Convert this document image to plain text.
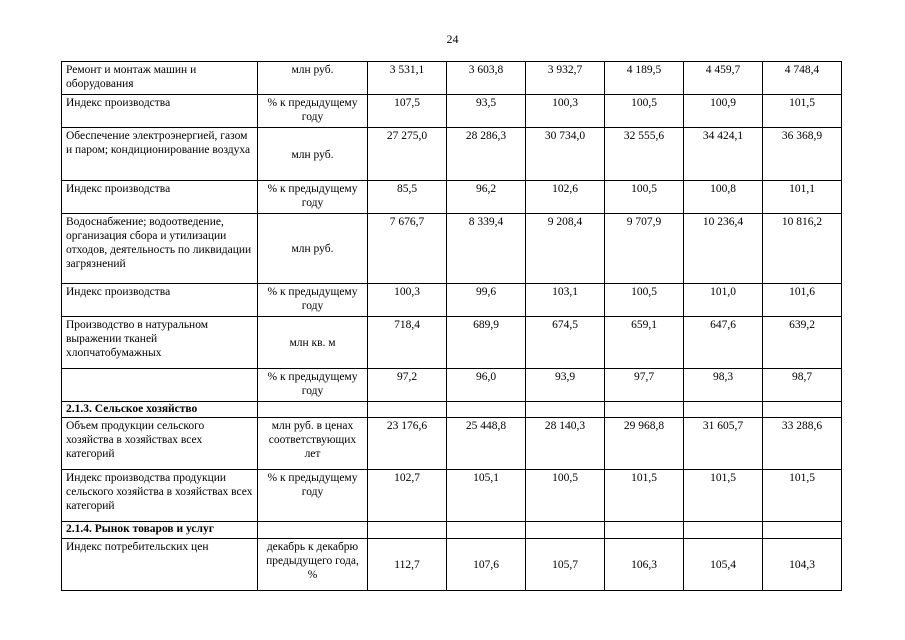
24
Ремонт и монтаж машин и оборудования	млн руб.	3 531,1	3 603,8	3 932,7	4 189,5	4 459,7	4 748,4
Индекс производства	% к предыдущему году	107,5	93,5	100,3	100,5	100,9	101,5
Обеспечение электроэнергией, газом и паром; кондиционирование воздуха	млн руб.	27 275,0	28 286,3	30 734,0	32 555,6	34 424,1	36 368,9
Индекс производства	% к предыдущему году	85,5	96,2	102,6	100,5	100,8	101,1
Водоснабжение; водоотведение, организация сбора и утилизации отходов, деятельность по ликвидации загрязнений	млн руб.	7 676,7	8 339,4	9 208,4	9 707,9	10 236,4	10 816,2
Индекс производства	% к предыдущему году	100,3	99,6	103,1	100,5	101,0	101,6
Производство в натуральном выражении тканей хлопчатобумажных	млн кв. м	718,4	689,9	674,5	659,1	647,6	639,2
	% к предыдущему году	97,2	96,0	93,9	97,7	98,3	98,7
2.1.3. Сельское хозяйство							
Объем продукции сельского хозяйства в хозяйствах всех категорий	млн руб. в ценах соответствующих лет	23 176,6	25 448,8	28 140,3	29 968,8	31 605,7	33 288,6
Индекс производства продукции сельского хозяйства в хозяйствах всех категорий	% к предыдущему году	102,7	105,1	100,5	101,5	101,5	101,5
2.1.4. Рынок товаров и услуг							
Индекс потребительских цен	декабрь к декабрю предыдущего года, %	112,7	107,6	105,7	106,3	105,4	104,3
